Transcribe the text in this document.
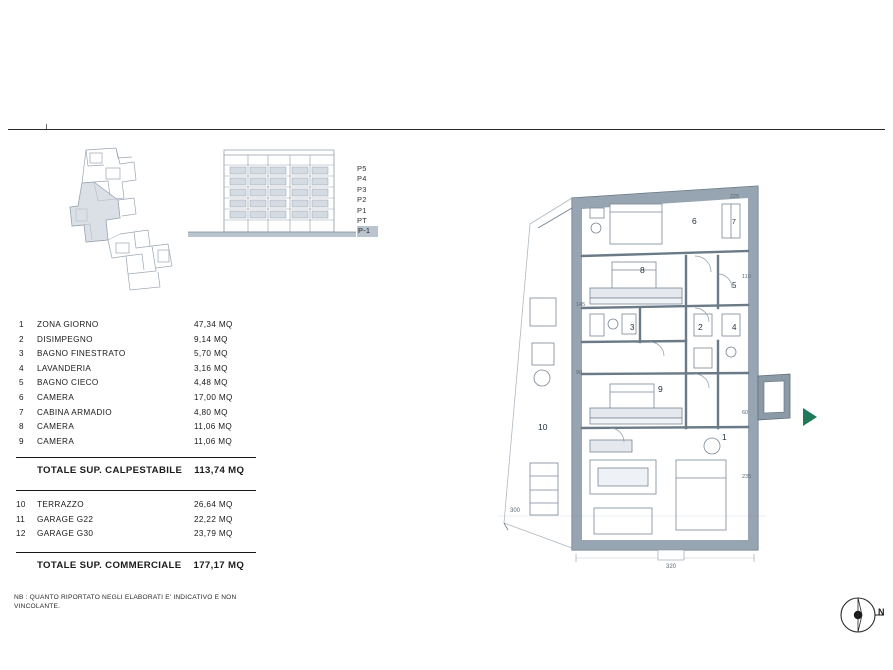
P5
P4
P3
P2
P1
PT
P-1
1	ZONA GIORNO	47,34 MQ
2	DISIMPEGNO	9,14 MQ
3	BAGNO FINESTRATO	5,70 MQ
4	LAVANDERIA	3,16 MQ
5	BAGNO CIECO	4,48 MQ
6	CAMERA	17,00 MQ
7	CABINA ARMADIO	4,80 MQ
8	CAMERA	11,06 MQ
9	CAMERA	11,06 MQ
TOTALE SUP. CALPESTABILE 113,74 MQ
10	TERRAZZO	26,64 MQ
11	GARAGE G22	22,22 MQ
12	GARAGE G30	23,79 MQ
TOTALE SUP. COMMERCIALE 177,17 MQ
NB : QUANTO RIPORTATO NEGLI ELABORATI E' INDICATIVO E NON VINCOLANTE.
320
300
145
90
225
110
60
235
6	7
8
5
3	2	4
9
10
1
N
